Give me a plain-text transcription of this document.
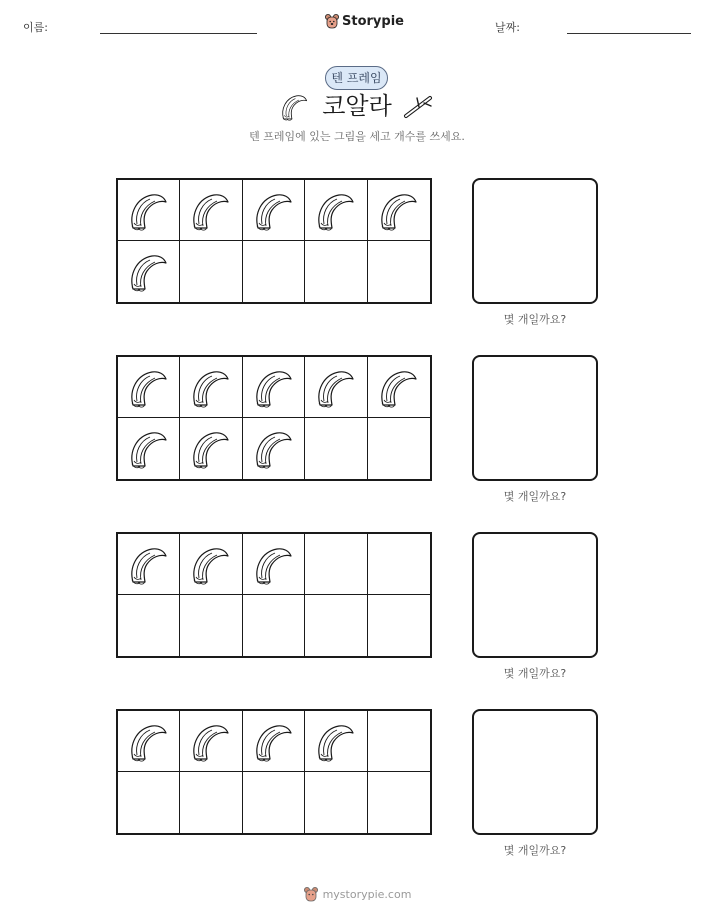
이름:	Storypie	날짜:
텐 프레임
코알라
텐 프레임에 있는 그림을 세고 개수를 쓰세요.
몇 개일까요?
몇 개일까요?
몇 개일까요?
몇 개일까요?
mystorypie.com
